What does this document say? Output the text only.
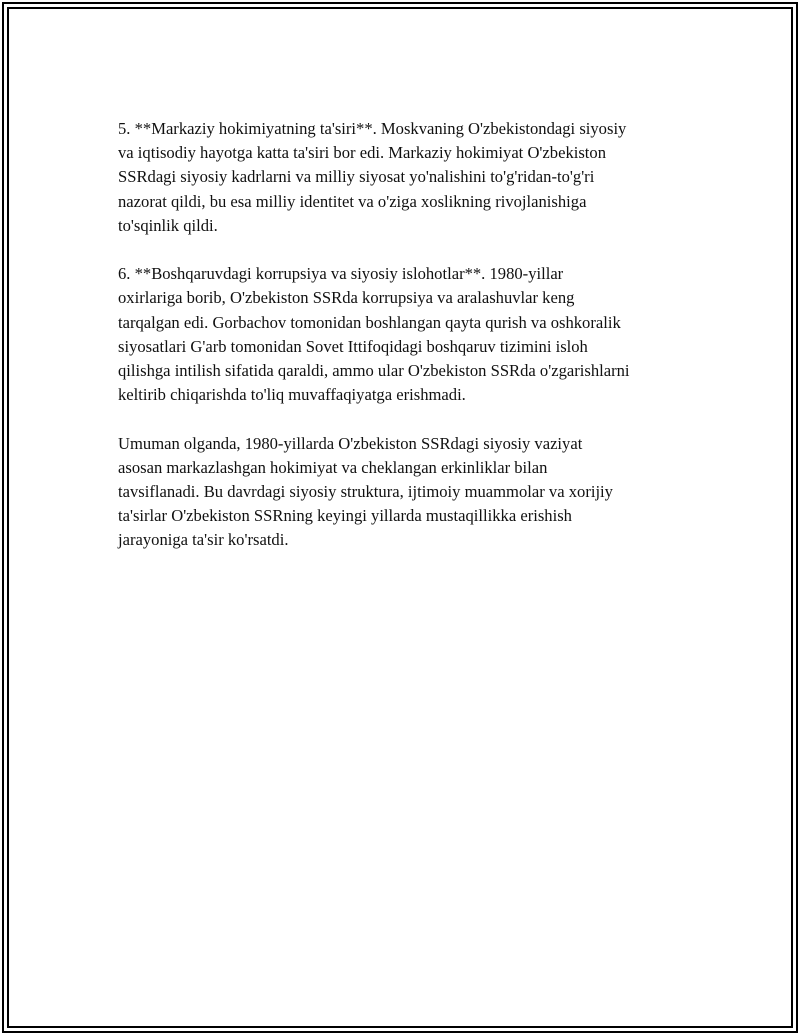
5. **Markaziy hokimiyatning ta'siri**. Moskvaning O'zbekistondagi siyosiy
va iqtisodiy hayotga katta ta'siri bor edi. Markaziy hokimiyat O'zbekiston
SSRdagi siyosiy kadrlarni va milliy siyosat yo'nalishini to'g'ridan-to'g'ri
nazorat qildi, bu esa milliy identitet va o'ziga xoslikning rivojlanishiga
to'sqinlik qildi.

6. **Boshqaruvdagi korrupsiya va siyosiy islohotlar**. 1980-yillar
oxirlariga borib, O'zbekiston SSRda korrupsiya va aralashuvlar keng
tarqalgan edi. Gorbachov tomonidan boshlangan qayta qurish va oshkoralik
siyosatlari G'arb tomonidan Sovet Ittifoqidagi boshqaruv tizimini isloh
qilishga intilish sifatida qaraldi, ammo ular O'zbekiston SSRda o'zgarishlarni
keltirib chiqarishda to'liq muvaffaqiyatga erishmadi.

Umuman olganda, 1980-yillarda O'zbekiston SSRdagi siyosiy vaziyat
asosan markazlashgan hokimiyat va cheklangan erkinliklar bilan
tavsiflanadi. Bu davrdagi siyosiy struktura, ijtimoiy muammolar va xorijiy
ta'sirlar O'zbekiston SSRning keyingi yillarda mustaqillikka erishish
jarayoniga ta'sir ko'rsatdi.
